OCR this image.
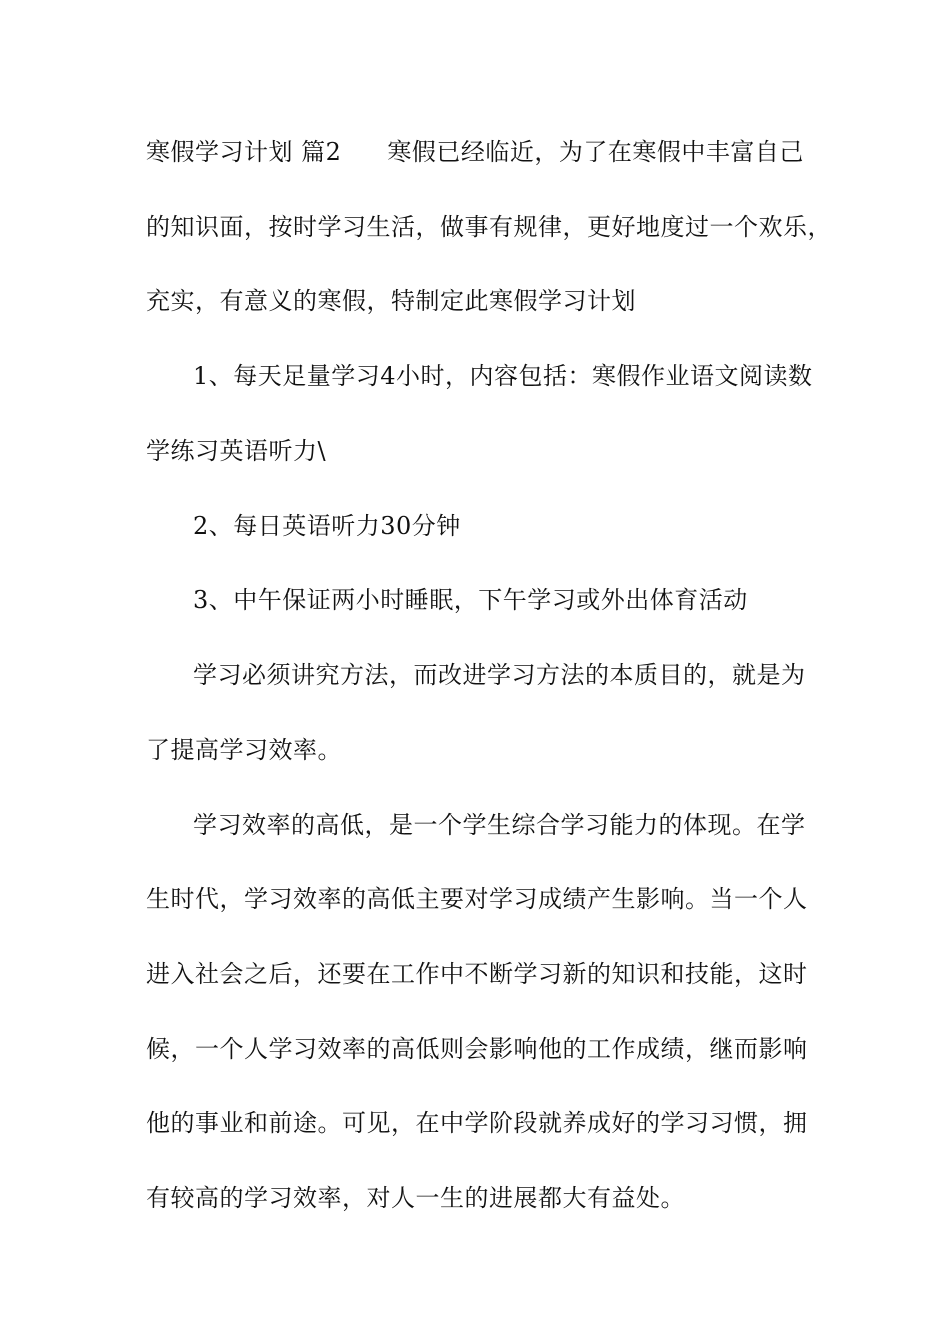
寒假学习计划 篇2 寒假已经临近，为了在寒假中丰富自己
的知识面，按时学习生活，做事有规律，更好地度过一个欢乐，
充实，有意义的寒假，特制定此寒假学习计划
1、每天足量学习4小时，内容包括：寒假作业语文阅读数
学练习英语听力\
2、每日英语听力30分钟
3、中午保证两小时睡眠，下午学习或外出体育活动
学习必须讲究方法，而改进学习方法的本质目的，就是为
了提高学习效率。
学习效率的高低，是一个学生综合学习能力的体现。在学
生时代，学习效率的高低主要对学习成绩产生影响。当一个人
进入社会之后，还要在工作中不断学习新的知识和技能，这时
候，一个人学习效率的高低则会影响他的工作成绩，继而影响
他的事业和前途。可见，在中学阶段就养成好的学习习惯，拥
有较高的学习效率，对人一生的进展都大有益处。
